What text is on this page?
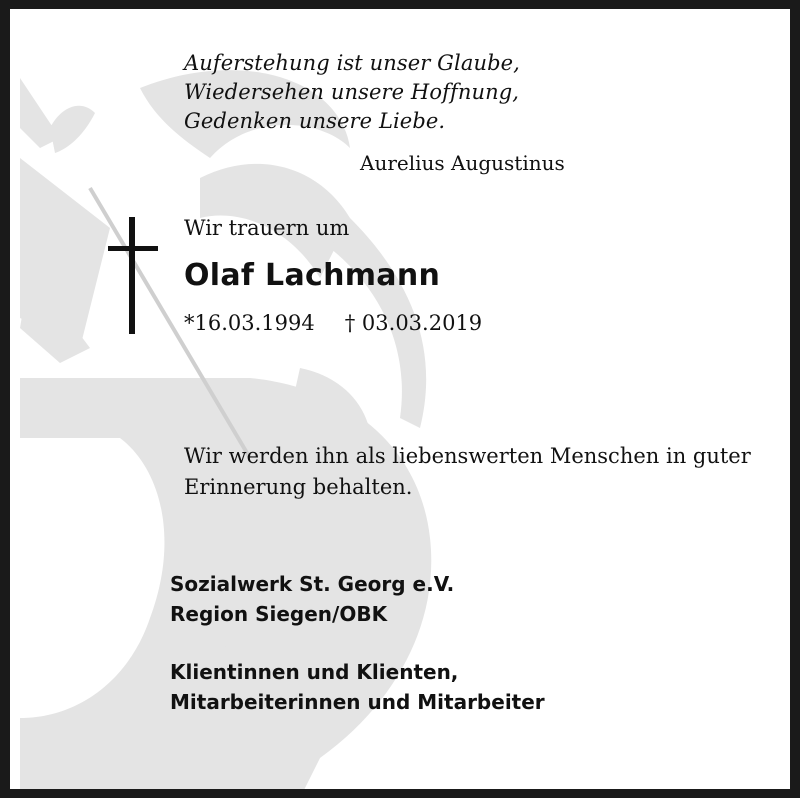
Auferstehung ist unser Glaube,
Wiedersehen unsere Hoffnung,
Gedenken unsere Liebe.
Aurelius Augustinus
Wir trauern um
Olaf Lachmann
*16.03.1994 † 03.03.2019
Wir werden ihn als liebenswerten Menschen in guter
Erinnerung behalten.
Sozialwerk St. Georg e.V.
Region Siegen/OBK
Klientinnen und Klienten,
Mitarbeiterinnen und Mitarbeiter
